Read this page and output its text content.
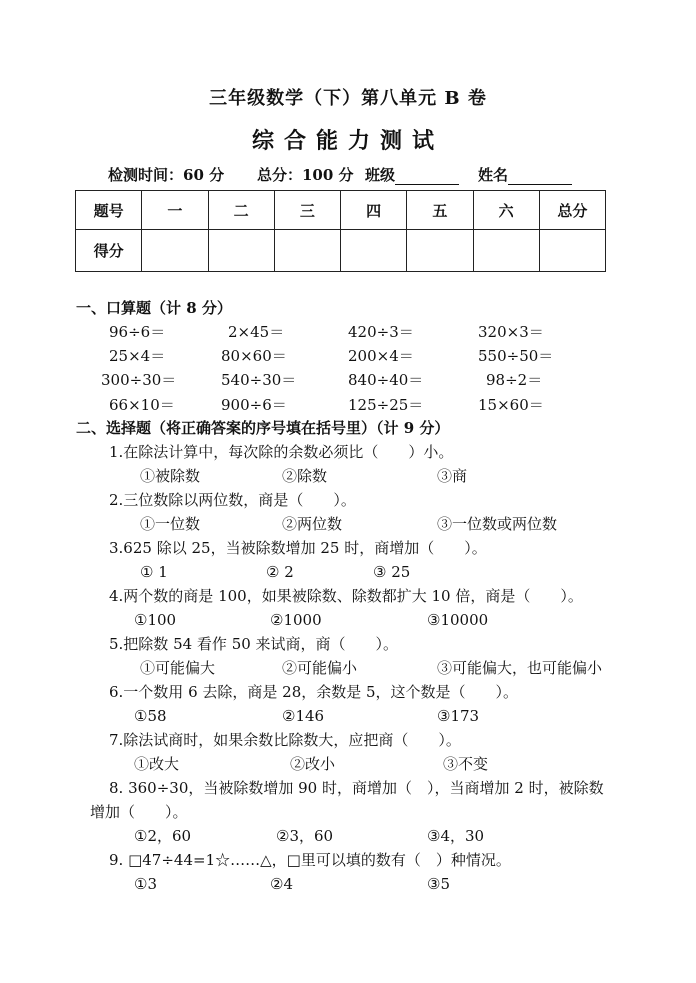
三年级数学（下）第八单元 B 卷
综合能力测试
检测时间：60 分 总分：100 分 班级	姓名
题号	一	二	三	四	五	六	总分
得分							
一、口算题（计 8 分）
96÷6＝	2×45＝	420÷3＝	320×3＝
25×4＝	80×60＝	200×4＝	550÷50＝
300÷30＝	540÷30＝	840÷40＝	98÷2＝
66×10＝	900÷6＝	125÷25＝	15×60＝
二、选择题（将正确答案的序号填在括号里）（计 9 分）
1.在除法计算中，每次除的余数必须比（　　）小。
①被除数	②除数	③商
2.三位数除以两位数，商是（　　）。
①一位数	②两位数	③一位数或两位数
3.625 除以 25，当被除数增加 25 时，商增加（　　）。
① 1	② 2	③ 25
4.两个数的商是 100，如果被除数、除数都扩大 10 倍，商是（　　）。
①100	②1000	③10000
5.把除数 54 看作 50 来试商，商（　　）。
①可能偏大	②可能偏小	③可能偏大，也可能偏小
6.一个数用 6 去除，商是 28，余数是 5，这个数是（　　）。
①58	②146	③173
7.除法试商时，如果余数比除数大，应把商（　　）。
①改大	②改小	③不变
8. 360÷30，当被除数增加 90 时，商增加（　），当商增加 2 时，被除数
增加（　　）。
①2，60	②3，60	③4，30
9. □47÷44=1☆……△，□里可以填的数有（　）种情况。
①3	②4	③5
